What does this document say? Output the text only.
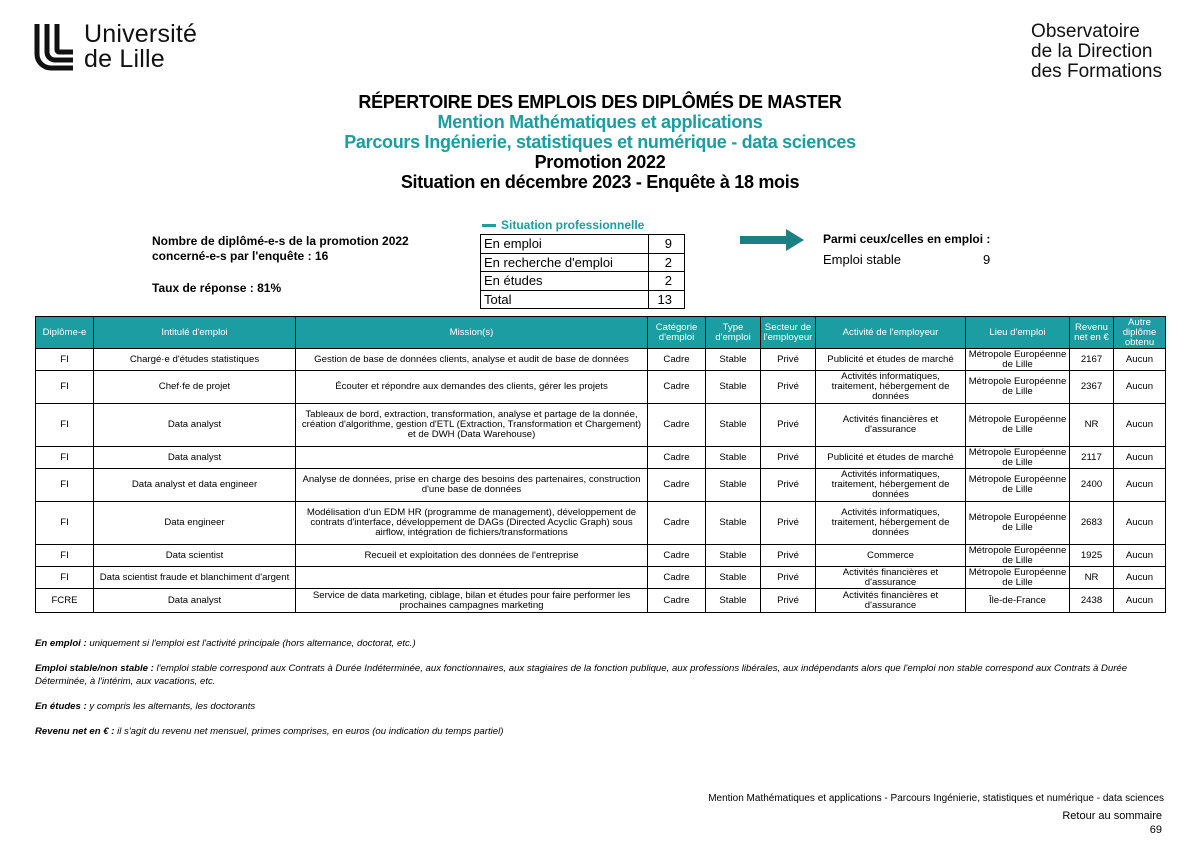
Université
de Lille
Observatoire
de la Direction
des Formations
RÉPERTOIRE DES EMPLOIS DES DIPLÔMÉS DE MASTER
Mention Mathématiques et applications
Parcours Ingénierie, statistiques et numérique - data sciences
Promotion 2022
Situation en décembre 2023 - Enquête à 18 mois
Nombre de diplômé-e-s de la promotion 2022
concerné-e-s par l'enquête : 16
Taux de réponse : 81%
Situation professionnelle
En emploi	9
En recherche d'emploi	2
En études	2
Total	13
Parmi ceux/celles en emploi :
Emploi stable	9
Diplôme-e	Intitulé d'emploi	Mission(s)	Catégorie d'emploi	Type d'emploi	Secteur de l'employeur	Activité de l'employeur	Lieu d'emploi	Revenu net en €	Autre diplôme obtenu
FI	Chargé·e d'études statistiques	Gestion de base de données clients, analyse et audit de base de données	Cadre	Stable	Privé	Publicité et études de marché	Métropole Européenne de Lille	2167	Aucun
FI	Chef·fe de projet	Écouter et répondre aux demandes des clients, gérer les projets	Cadre	Stable	Privé	Activités informatiques, traitement, hébergement de données	Métropole Européenne de Lille	2367	Aucun
FI	Data analyst	Tableaux de bord, extraction, transformation, analyse et partage de la donnée, création d'algorithme, gestion d'ETL (Extraction, Transformation et Chargement) et de DWH (Data Warehouse)	Cadre	Stable	Privé	Activités financières et d'assurance	Métropole Européenne de Lille	NR	Aucun
FI	Data analyst		Cadre	Stable	Privé	Publicité et études de marché	Métropole Européenne de Lille	2117	Aucun
FI	Data analyst et data engineer	Analyse de données, prise en charge des besoins des partenaires, construction d'une base de données	Cadre	Stable	Privé	Activités informatiques, traitement, hébergement de données	Métropole Européenne de Lille	2400	Aucun
FI	Data engineer	Modélisation d'un EDM HR (programme de management), développement de contrats d'interface, développement de DAGs (Directed Acyclic Graph) sous airflow, intégration de fichiers/transformations	Cadre	Stable	Privé	Activités informatiques, traitement, hébergement de données	Métropole Européenne de Lille	2683	Aucun
FI	Data scientist	Recueil et exploitation des données de l'entreprise	Cadre	Stable	Privé	Commerce	Métropole Européenne de Lille	1925	Aucun
FI	Data scientist fraude et blanchiment d'argent		Cadre	Stable	Privé	Activités financières et d'assurance	Métropole Européenne de Lille	NR	Aucun
FCRE	Data analyst	Service de data marketing, ciblage, bilan et études pour faire performer les prochaines campagnes marketing	Cadre	Stable	Privé	Activités financières et d'assurance	Île-de-France	2438	Aucun

En emploi : uniquement si l'emploi est l'activité principale (hors alternance, doctorat, etc.)

Emploi stable/non stable : l'emploi stable correspond aux Contrats à Durée Indéterminée, aux fonctionnaires, aux stagiaires de la fonction publique, aux professions libérales, aux indépendants alors que l'emploi non stable correspond aux Contrats à Durée Déterminée, à l'intérim, aux vacations, etc.

En études : y compris les alternants, les doctorants

Revenu net en € : il s'agit du revenu net mensuel, primes comprises, en euros (ou indication du temps partiel)

Mention Mathématiques et applications - Parcours Ingénierie, statistiques et numérique - data sciences
Retour au sommaire
69
